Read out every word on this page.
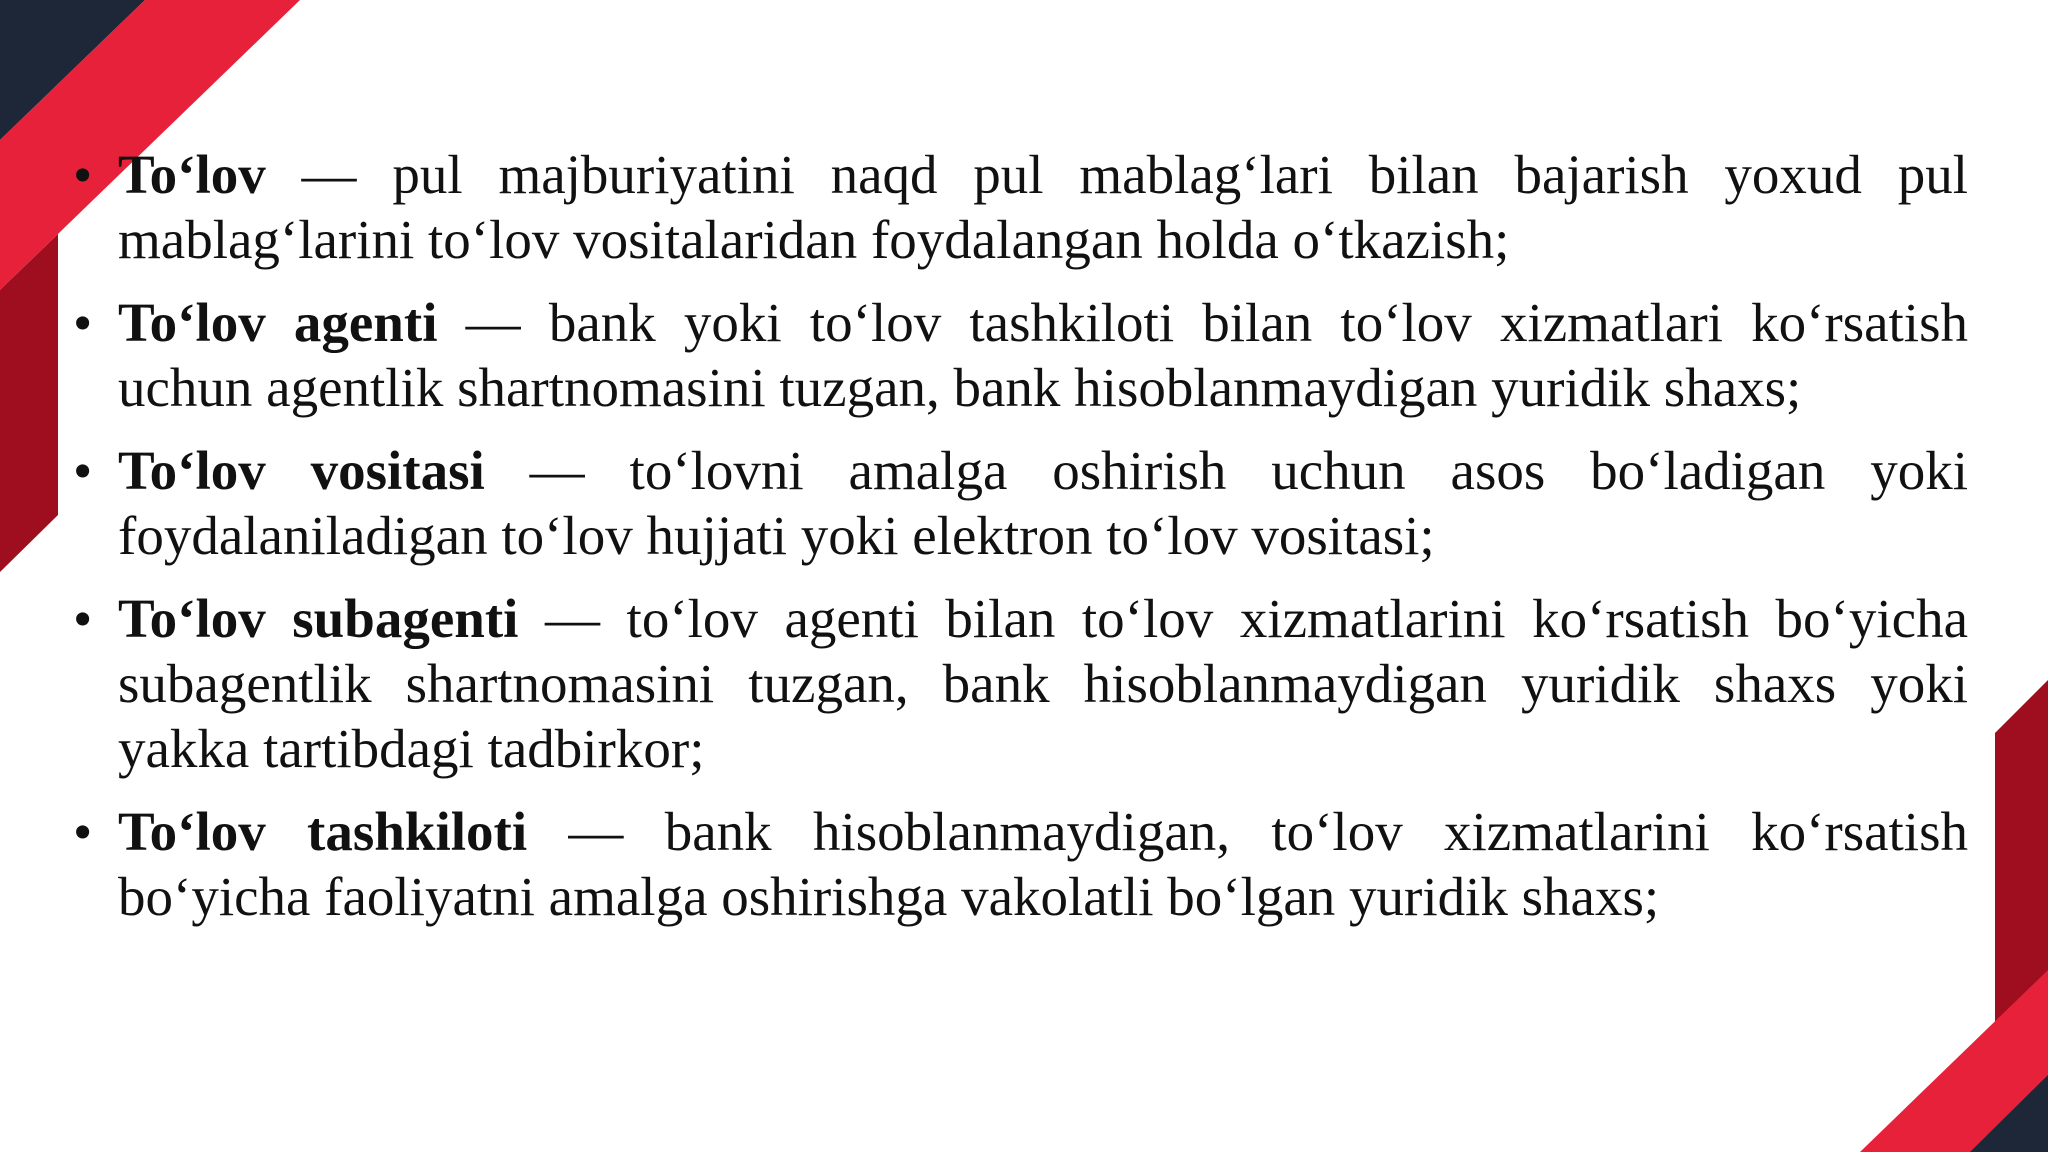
• To‘lov — pul majburiyatini naqd pul mablag‘lari bilan bajarish yoxud pul mablag‘larini to‘lov vositalaridan foydalangan holda o‘tkazish;
• To‘lov agenti — bank yoki to‘lov tashkiloti bilan to‘lov xizmatlari ko‘rsatish uchun agentlik shartnomasini tuzgan, bank hisoblanmaydigan yuridik shaxs;
• To‘lov vositasi — to‘lovni amalga oshirish uchun asos bo‘ladigan yoki foydalaniladigan to‘lov hujjati yoki elektron to‘lov vositasi;
• To‘lov subagenti — to‘lov agenti bilan to‘lov xizmatlarini ko‘rsatish bo‘yicha subagentlik shartnomasini tuzgan, bank hisoblanmaydigan yuridik shaxs yoki yakka tartibdagi tadbirkor;
• To‘lov tashkiloti — bank hisoblanmaydigan, to‘lov xizmatlarini ko‘rsatish bo‘yicha faoliyatni amalga oshirishga vakolatli bo‘lgan yuridik shaxs;
